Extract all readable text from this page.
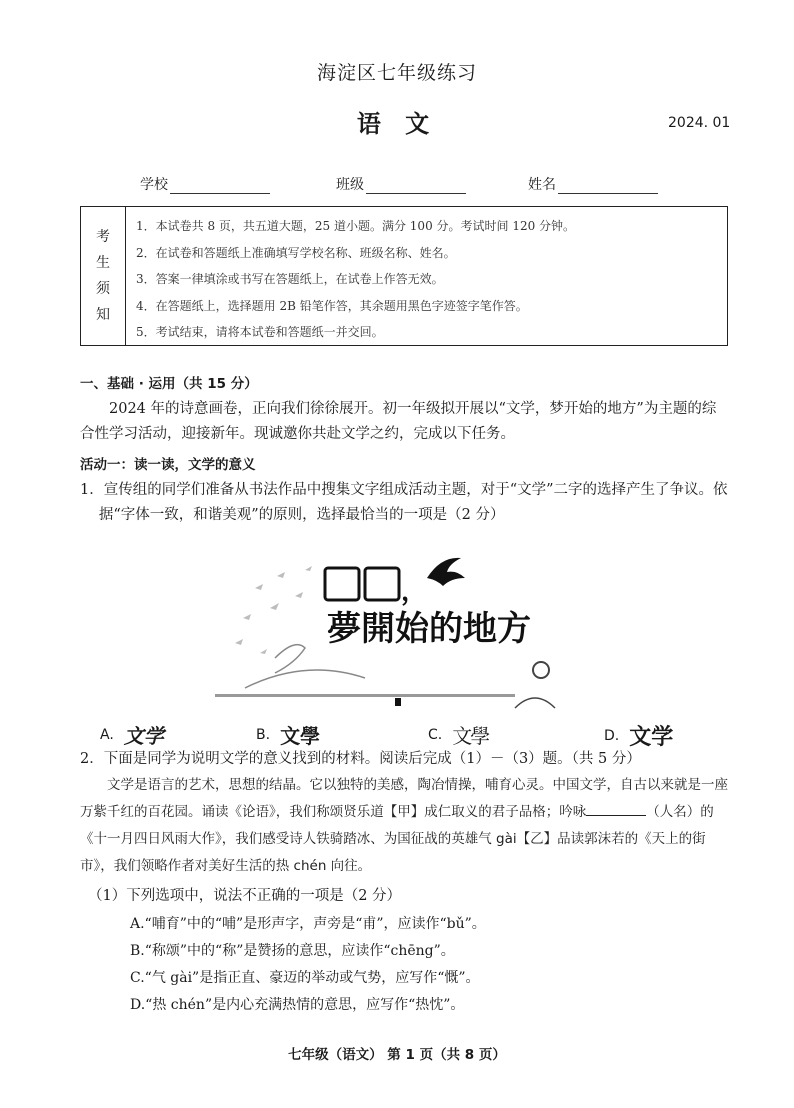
海淀区七年级练习
语 文	2024. 01
学校	班级	姓名
考
生
须
知
1．本试卷共 8 页，共五道大题，25 道小题。满分 100 分。考试时间 120 分钟。
2．在试卷和答题纸上准确填写学校名称、班级名称、姓名。
3．答案一律填涂或书写在答题纸上，在试卷上作答无效。
4．在答题纸上，选择题用 2B 铅笔作答，其余题用黑色字迹签字笔作答。
5．考试结束，请将本试卷和答题纸一并交回。
一、基础 · 运用（共 15 分）
2024 年的诗意画卷，正向我们徐徐展开。初一年级拟开展以“文学，梦开始的地方”为主题的综合性学习活动，迎接新年。现诚邀你共赴文学之约，完成以下任务。
活动一：读一读，文学的意义
1．宣传组的同学们准备从书法作品中搜集文字组成活动主题，对于“文学”二字的选择产生了争议。依据“字体一致，和谐美观”的原则，选择最恰当的一项是（2 分）
，
夢開始的地方
A. 文学	B. 文學	C. 文學	D. 文学
2．下面是同学为说明文学的意义找到的材料。阅读后完成（1）－（3）题。（共 5 分）
文学是语言的艺术，思想的结晶。它以独特的美感，陶冶情操，哺育心灵。中国文学，自古以来就是一座万紫千红的百花园。诵读《论语》，我们称颂贤乐道【甲】成仁取义的君子品格；吟咏	（人名）的《十一月四日风雨大作》，我们感受诗人铁骑踏冰、为国征战的英雄气 gài【乙】品读郭沫若的《天上的街市》，我们领略作者对美好生活的热 chén 向往。
（1）下列选项中，说法不正确的一项是（2 分）
A.“哺育”中的“哺”是形声字，声旁是“甫”，应读作“bǔ”。
B.“称颂”中的“称”是赞扬的意思，应读作“chēng”。
C.“气 gài”是指正直、豪迈的举动或气势，应写作“慨”。
D.“热 chén”是内心充满热情的意思，应写作“热忱”。
七年级（语文） 第 1 页（共 8 页）
